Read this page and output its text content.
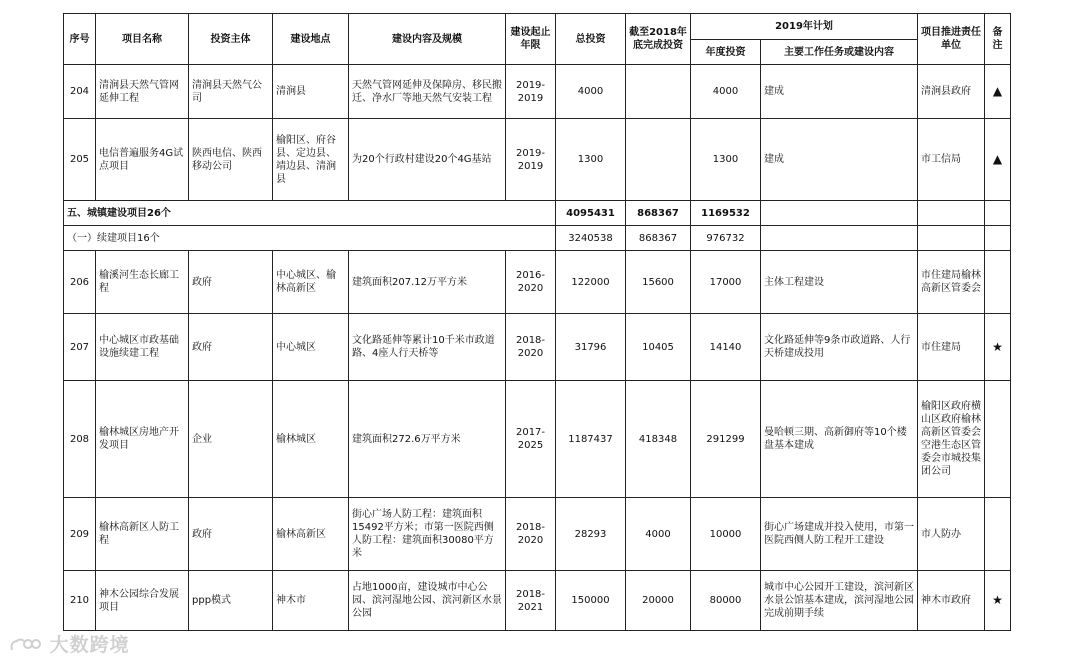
序号	项目名称	投资主体	建设地点	建设内容及规模	建设起止年限	总投资	截至2018年底完成投资	2019年计划		项目推进责任单位	备注
								年度投资	主要工作任务或建设内容		
204	清涧县天然气管网延伸工程	清涧县天然气公司	清涧县	天然气管网延伸及保障房、移民搬迁、净水厂等地天然气安装工程	2019-2019	4000		4000	建成	清涧县政府	▲
205	电信普遍服务4G试点项目	陕西电信、陕西移动公司	榆阳区、府谷县、定边县、靖边县、清涧县	为20个行政村建设20个4G基站	2019-2019	1300		1300	建成	市工信局	▲
五、城镇建设项目26个						4095431	868367	1169532			
（一）续建项目16个						3240538	868367	976732			
206	榆溪河生态长廊工程	政府	中心城区、榆林高新区	建筑面积207.12万平方米	2016-2020	122000	15600	17000	主体工程建设	市住建局榆林高新区管委会	
207	中心城区市政基础设施续建工程	政府	中心城区	文化路延伸等累计10千米市政道路、4座人行天桥等	2018-2020	31796	10405	14140	文化路延伸等9条市政道路、人行天桥建成投用	市住建局	★
208	榆林城区房地产开发项目	企业	榆林城区	建筑面积272.6万平方米	2017-2025	1187437	418348	291299	曼哈顿三期、高新御府等10个楼盘基本建成	榆阳区政府横山区政府榆林高新区管委会空港生态区管委会市城投集团公司	
209	榆林高新区人防工程	政府	榆林高新区	街心广场人防工程：建筑面积15492平方米；市第一医院西侧人防工程：建筑面积30080平方米	2018-2020	28293	4000	10000	街心广场建成并投入使用，市第一医院西侧人防工程开工建设	市人防办	
210	神木公园综合发展项目	ppp模式	神木市	占地1000亩，建设城市中心公园、滨河湿地公园、滨河新区水景公园	2018-2021	150000	20000	80000	城市中心公园开工建设，滨河新区水景公馆基本建成，滨河湿地公园完成前期手续	神木市政府	★
大数跨境
